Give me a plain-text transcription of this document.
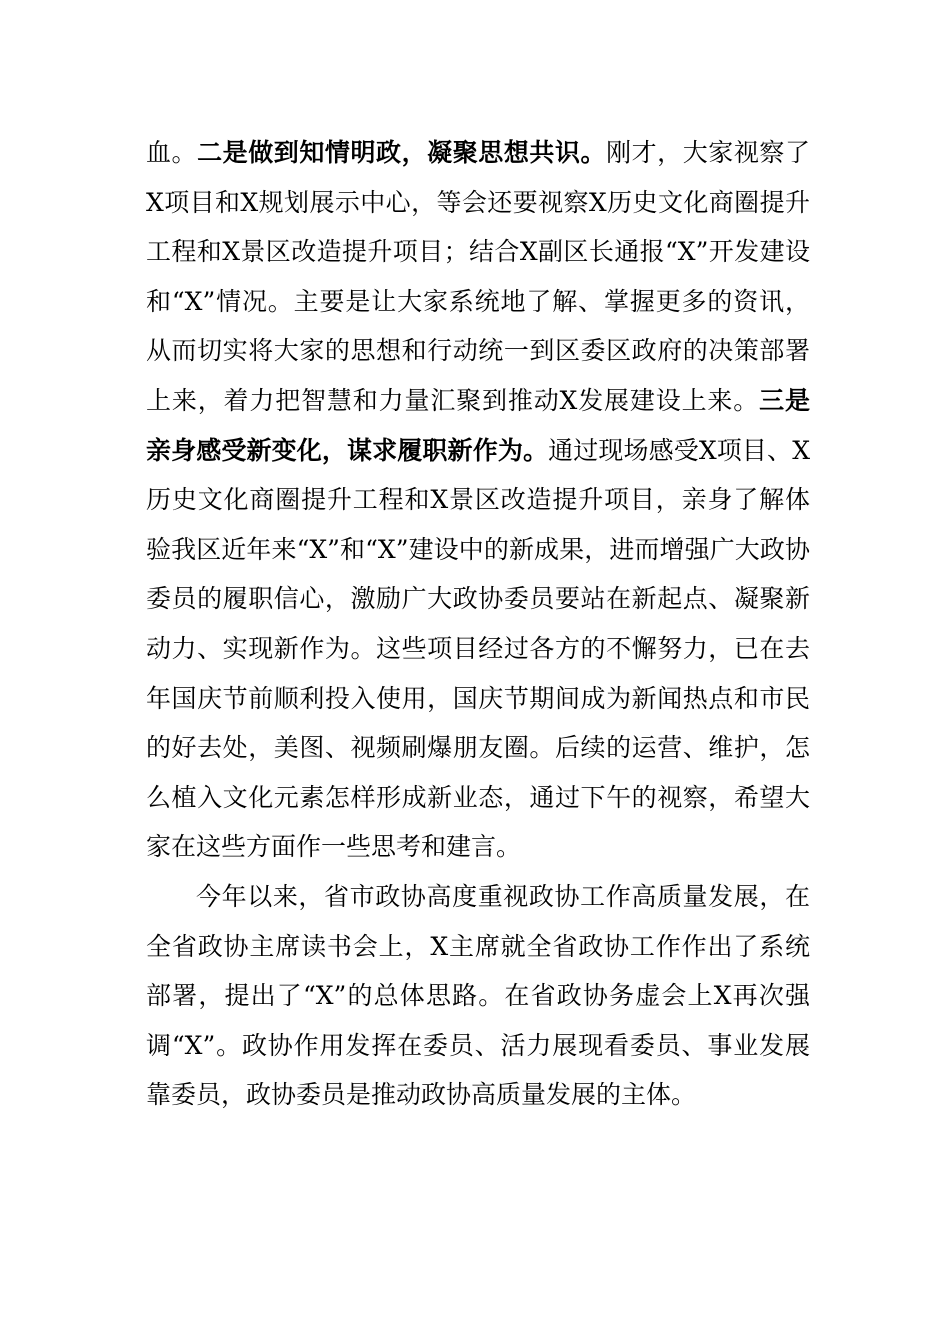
血。二是做到知情明政，凝聚思想共识。刚才，大家视察了X项目和X规划展示中心，等会还要视察X历史文化商圈提升工程和X景区改造提升项目；结合X副区长通报“X”开发建设和“X”情况。主要是让大家系统地了解、掌握更多的资讯，从而切实将大家的思想和行动统一到区委区政府的决策部署上来，着力把智慧和力量汇聚到推动X发展建设上来。三是亲身感受新变化，谋求履职新作为。通过现场感受X项目、X历史文化商圈提升工程和X景区改造提升项目，亲身了解体验我区近年来“X”和“X”建设中的新成果，进而增强广大政协委员的履职信心，激励广大政协委员要站在新起点、凝聚新动力、实现新作为。这些项目经过各方的不懈努力，已在去年国庆节前顺利投入使用，国庆节期间成为新闻热点和市民的好去处，美图、视频刷爆朋友圈。后续的运营、维护，怎么植入文化元素怎样形成新业态，通过下午的视察，希望大家在这些方面作一些思考和建言。

今年以来，省市政协高度重视政协工作高质量发展，在全省政协主席读书会上，X主席就全省政协工作作出了系统部署，提出了“X”的总体思路。在省政协务虚会上X再次强调“X”。政协作用发挥在委员、活力展现看委员、事业发展靠委员，政协委员是推动政协高质量发展的主体。
